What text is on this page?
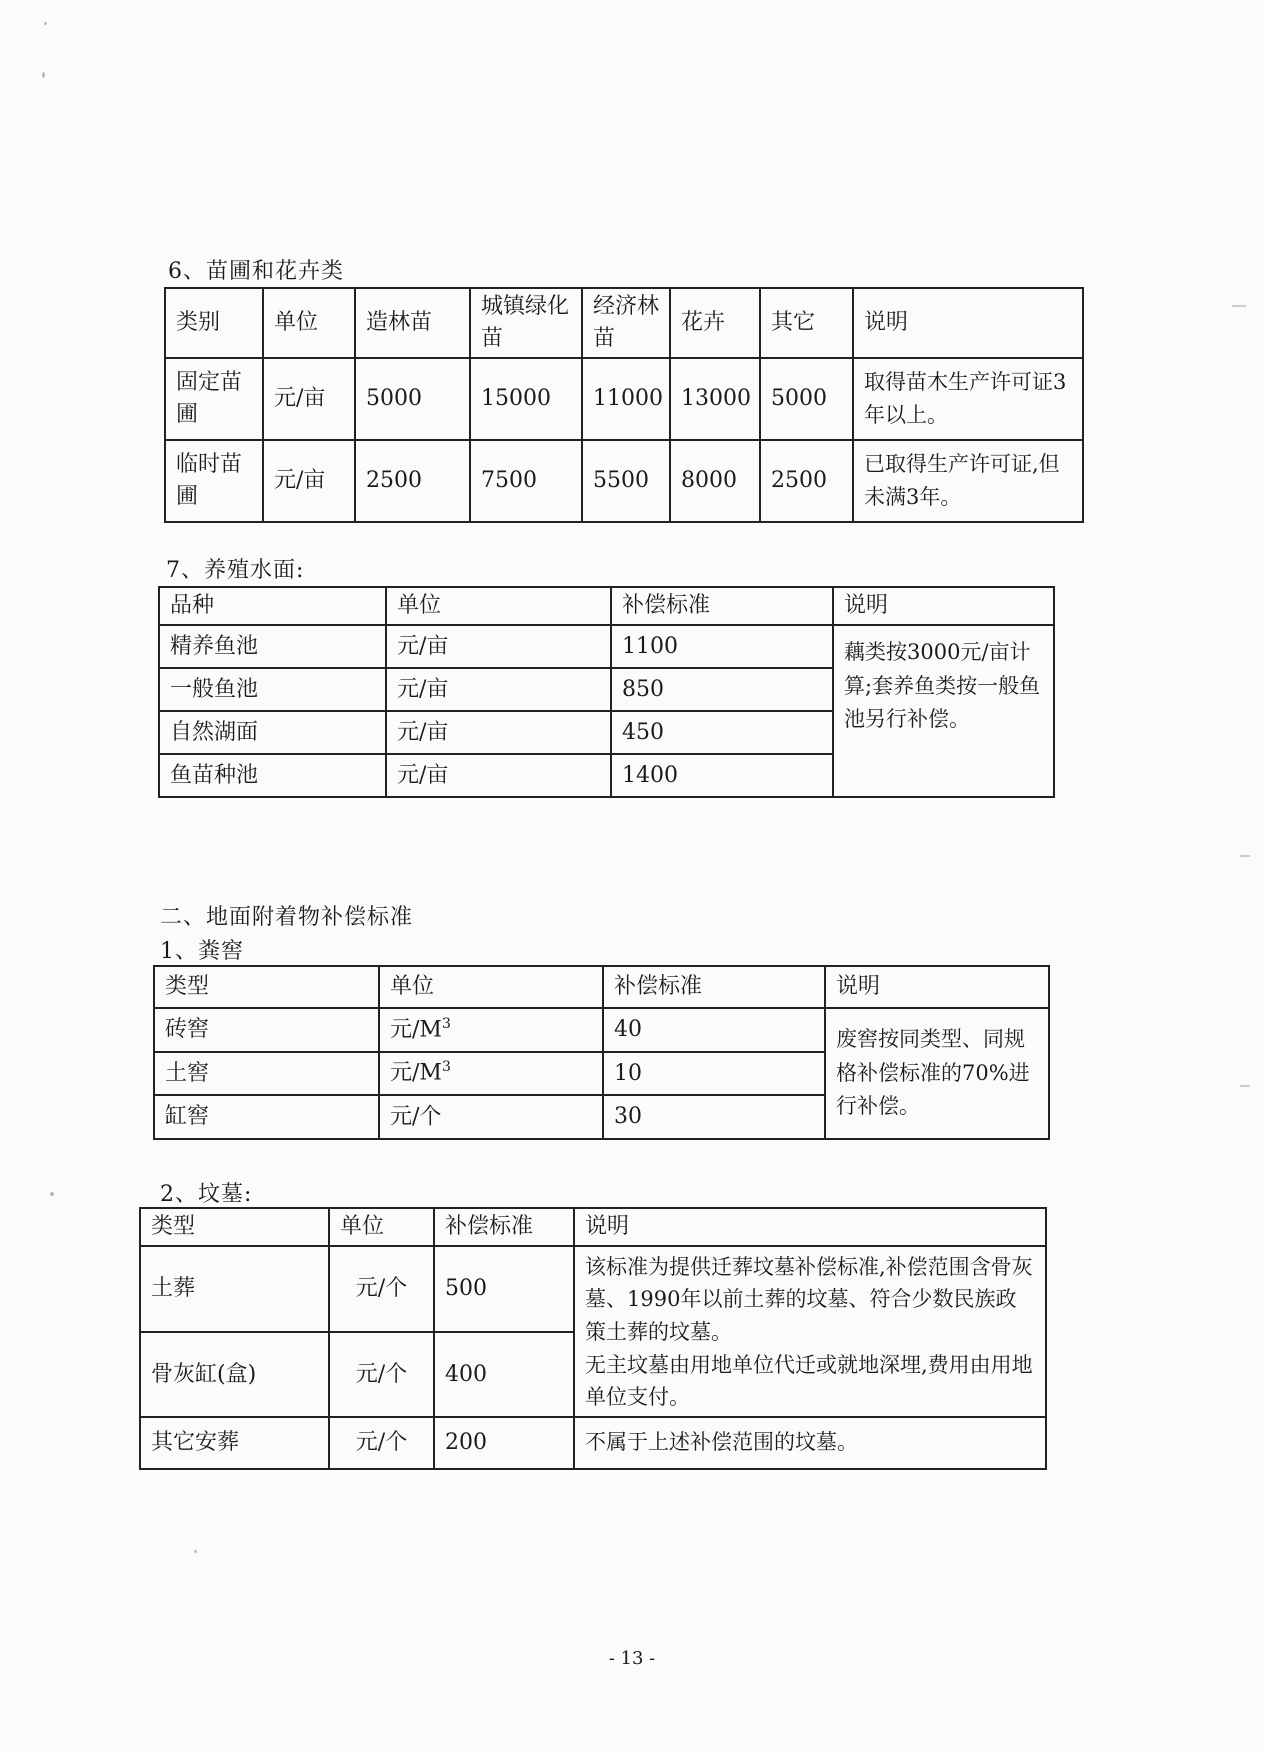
6、苗圃和花卉类
类别	单位	造林苗	城镇绿化苗	经济林苗	花卉	其它	说明
固定苗圃	元/亩	5000	15000	11000	13000	5000	取得苗木生产许可证3年以上。
临时苗圃	元/亩	2500	7500	5500	8000	2500	已取得生产许可证,但未满3年。
7、养殖水面:
品种	单位	补偿标准	说明
精养鱼池	元/亩	1100	藕类按3000元/亩计算;套养鱼类按一般鱼池另行补偿。
一般鱼池	元/亩	850	
自然湖面	元/亩	450	
鱼苗种池	元/亩	1400	
二、地面附着物补偿标准
1、粪窖
类型	单位	补偿标准	说明
砖窖	元$/M^3$	40	废窖按同类型、同规格补偿标准的70%进行补偿。
土窖	元$/M^3$	10	
缸窖	元/个	30	
2、坟墓:
类型	单位	补偿标准	说明
土葬	元/个	500	该标准为提供迁葬坟墓补偿标准,补偿范围含骨灰墓、1990年以前土葬的坟墓、符合少数民族政策土葬的坟墓。
无主坟墓由用地单位代迁或就地深埋,费用由用地单位支付。

骨灰缸(盒)	元/个	400	
其它安葬	元/个	200	不属于上述补偿范围的坟墓。
- 13 -
